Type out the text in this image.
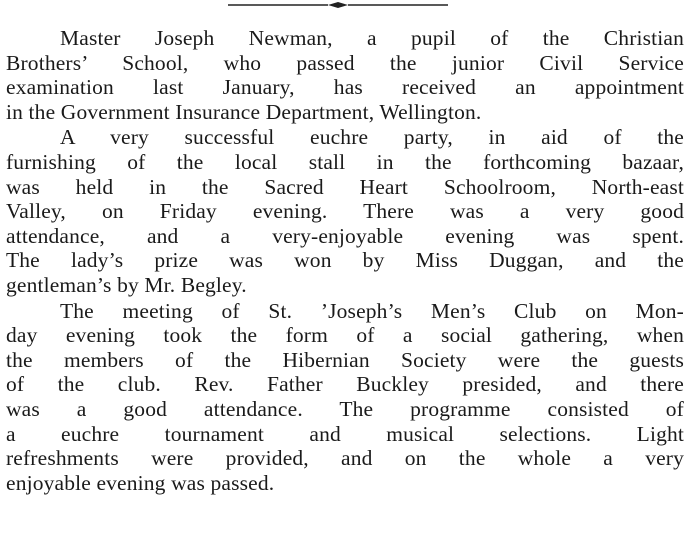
Master Joseph Newman, a pupil of the Christian
Brothers’ School, who passed the junior Civil Service
examination last January, has received an appointment
in the Government Insurance Department, Wellington.
A very successful euchre party, in aid of the
furnishing of the local stall in the forthcoming bazaar,
was held in the Sacred Heart Schoolroom, North-east
Valley, on Friday evening. There was a very good
attendance, and a very-enjoyable evening was spent.
The lady’s prize was won by Miss Duggan, and the
gentleman’s by Mr. Begley.
The meeting of St. ’Joseph’s Men’s Club on Mon-
day evening took the form of a social gathering, when
the members of the Hibernian Society were the guests
of the club. Rev. Father Buckley presided, and there
was a good attendance. The programme consisted of
a euchre tournament and musical selections. Light
refreshments were provided, and on the whole a very
enjoyable evening was passed.
